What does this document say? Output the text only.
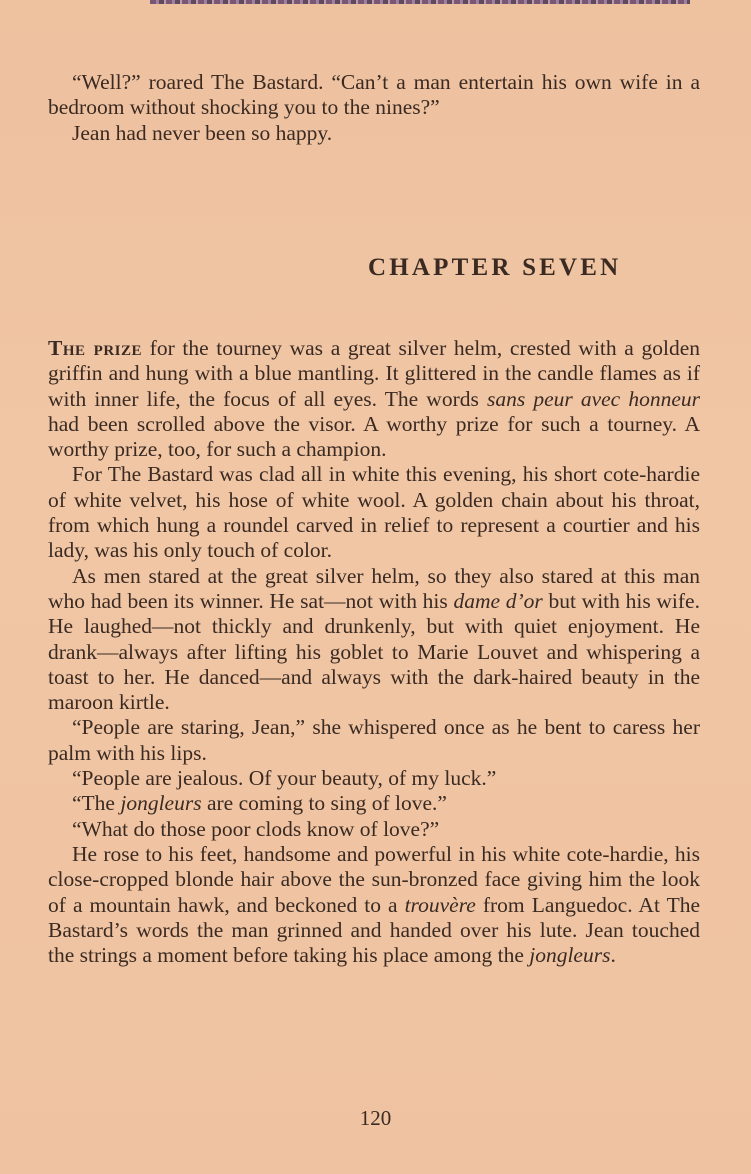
“Well?” roared The Bastard. “Can’t a man entertain his own wife in a bedroom without shocking you to the nines?”

Jean had never been so happy.

CHAPTER SEVEN

The prize for the tourney was a great silver helm, crested with a golden griffin and hung with a blue mantling. It glittered in the candle flames as if with inner life, the focus of all eyes. The words sans peur avec honneur had been scrolled above the visor. A worthy prize for such a tourney. A worthy prize, too, for such a champion.

For The Bastard was clad all in white this evening, his short cote-hardie of white velvet, his hose of white wool. A golden chain about his throat, from which hung a roundel carved in relief to represent a courtier and his lady, was his only touch of color.

As men stared at the great silver helm, so they also stared at this man who had been its winner. He sat—not with his dame d’or but with his wife. He laughed—not thickly and drunkenly, but with quiet enjoyment. He drank—always after lifting his goblet to Marie Louvet and whispering a toast to her. He danced—and always with the dark-haired beauty in the maroon kirtle.

“People are staring, Jean,” she whispered once as he bent to caress her palm with his lips.

“People are jealous. Of your beauty, of my luck.”

“The jongleurs are coming to sing of love.”

“What do those poor clods know of love?”

He rose to his feet, handsome and powerful in his white cote-hardie, his close-cropped blonde hair above the sun-bronzed face giving him the look of a mountain hawk, and beckoned to a trouvère from Languedoc. At The Bastard’s words the man grinned and handed over his lute. Jean touched the strings a moment before taking his place among the jongleurs.

120
